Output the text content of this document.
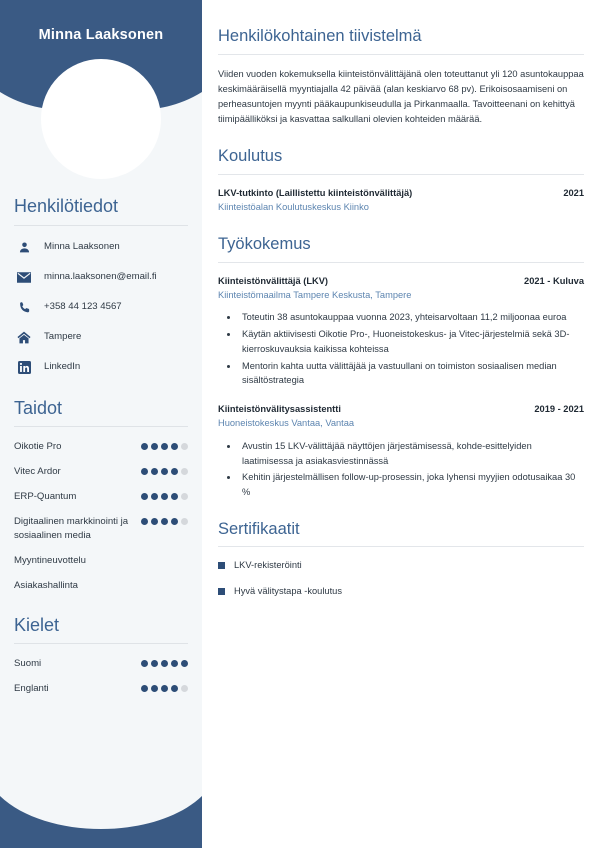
Minna Laaksonen
Henkilötiedot
Minna Laaksonen
minna.laaksonen@email.fi
+358 44 123 4567
Tampere
LinkedIn
Taidot
Oikotie Pro
Vitec Ardor
ERP-Quantum
Digitaalinen markkinointi ja sosiaalinen media
Myyntineuvottelu
Asiakashallinta
Kielet
Suomi
Englanti
Henkilökohtainen tiivistelmä

Viiden vuoden kokemuksella kiinteistönvälittäjänä olen toteuttanut yli 120 asuntokauppaa keskimääräisellä myyntiajalla 42 päivää (alan keskiarvo 68 pv). Erikoisosaamiseni on perheasuntojen myynti pääkaupunkiseudulla ja Pirkanmaalla. Tavoitteenani on kehittyä tiimipäälliköksi ja kasvattaa salkullani olevien kohteiden määrää.

Koulutus
LKV-tutkinto (Laillistettu kiinteistönvälittäjä)	2021
Kiinteistöalan Koulutuskeskus Kiinko
Työkokemus
Kiinteistönvälittäjä (LKV)	2021 - Kuluva
Kiinteistömaailma Tampere Keskusta, Tampere
• Toteutin 38 asuntokauppaa vuonna 2023, yhteisarvoltaan 11,2 miljoonaa euroa
• Käytän aktiivisesti Oikotie Pro-, Huoneistokeskus- ja Vitec-järjestelmiä sekä 3D-kierroskuvauksia kaikissa kohteissa
• Mentorin kahta uutta välittäjää ja vastuullani on toimiston sosiaalisen median sisältöstrategia
Kiinteistönvälitysassistentti	2019 - 2021
Huoneistokeskus Vantaa, Vantaa
• Avustin 15 LKV-välittäjää näyttöjen järjestämisessä, kohde-esittelyiden laatimisessa ja asiakasviestinnässä
• Kehitin järjestelmällisen follow-up-prosessin, joka lyhensi myyjien odotusaikaa 30 %
Sertifikaatit
LKV-rekisteröinti
Hyvä välitystapa -koulutus
